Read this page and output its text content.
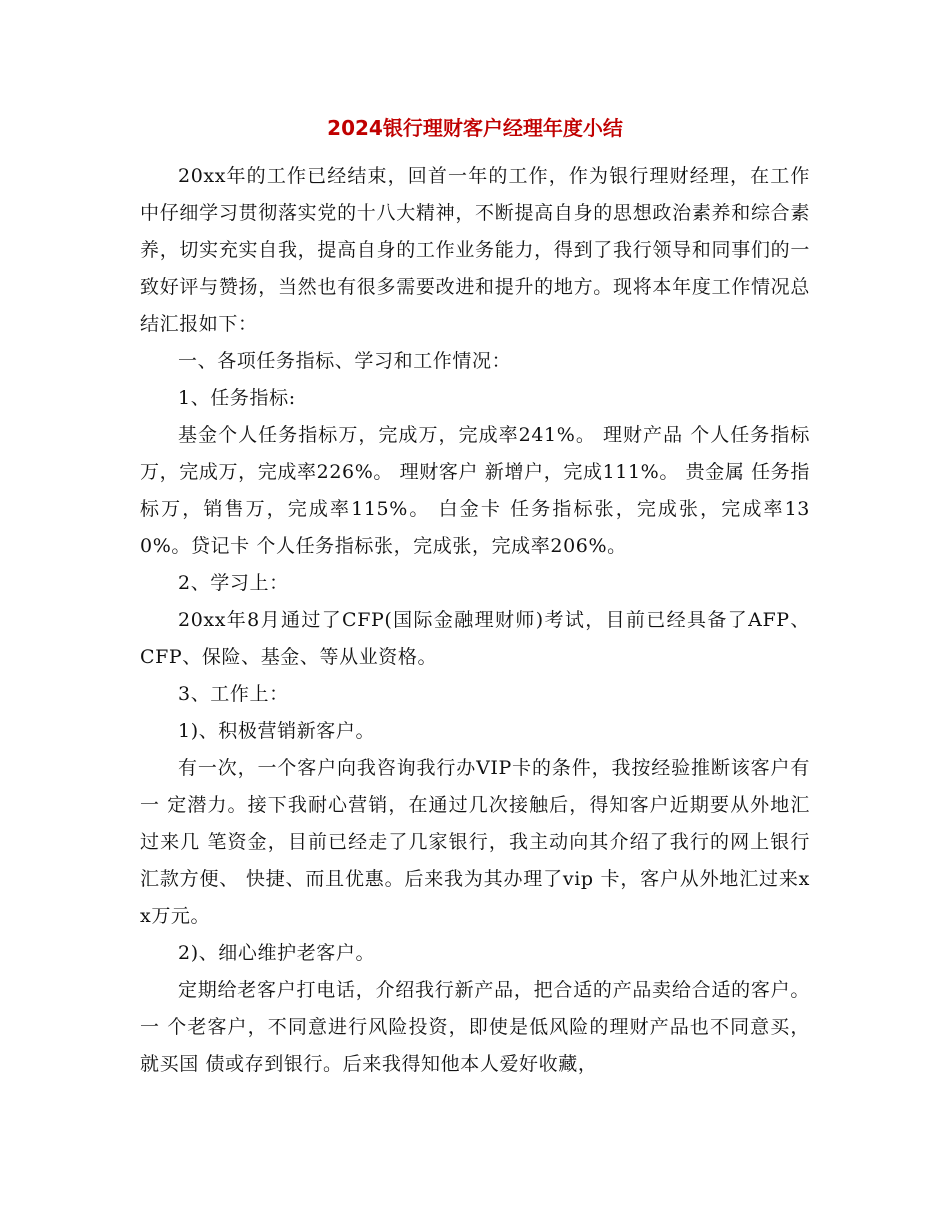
2024银行理财客户经理年度小结

20xx年的工作已经结束，回首一年的工作，作为银行理财经理，在工作中仔细学习贯彻落实党的十八大精神，不断提高自身的思想政治素养和综合素养，切实充实自我，提高自身的工作业务能力，得到了我行领导和同事们的一致好评与赞扬，当然也有很多需要改进和提升的地方。现将本年度工作情况总结汇报如下：

一、各项任务指标、学习和工作情况：

1、任务指标:

基金个人任务指标万，完成万，完成率241%。 理财产品 个人任务指标万，完成万，完成率226%。 理财客户 新增户，完成111%。 贵金属 任务指标万，销售万，完成率115%。 白金卡 任务指标张，完成张，完成率130%。贷记卡 个人任务指标张，完成张，完成率206%。

2、学习上：

20xx年8月通过了CFP(国际金融理财师)考试，目前已经具备了AFP、 CFP、保险、基金、等从业资格。

3、工作上：

1)、积极营销新客户。

有一次，一个客户向我咨询我行办VIP卡的条件，我按经验推断该客户有一 定潜力。接下我耐心营销，在通过几次接触后，得知客户近期要从外地汇过来几 笔资金，目前已经走了几家银行，我主动向其介绍了我行的网上银行汇款方便、 快捷、而且优惠。后来我为其办理了vip 卡，客户从外地汇过来xx万元。

2)、细心维护老客户。

定期给老客户打电话，介绍我行新产品，把合适的产品卖给合适的客户。一 个老客户，不同意进行风险投资，即使是低风险的理财产品也不同意买，就买国 债或存到银行。后来我得知他本人爱好收藏，
